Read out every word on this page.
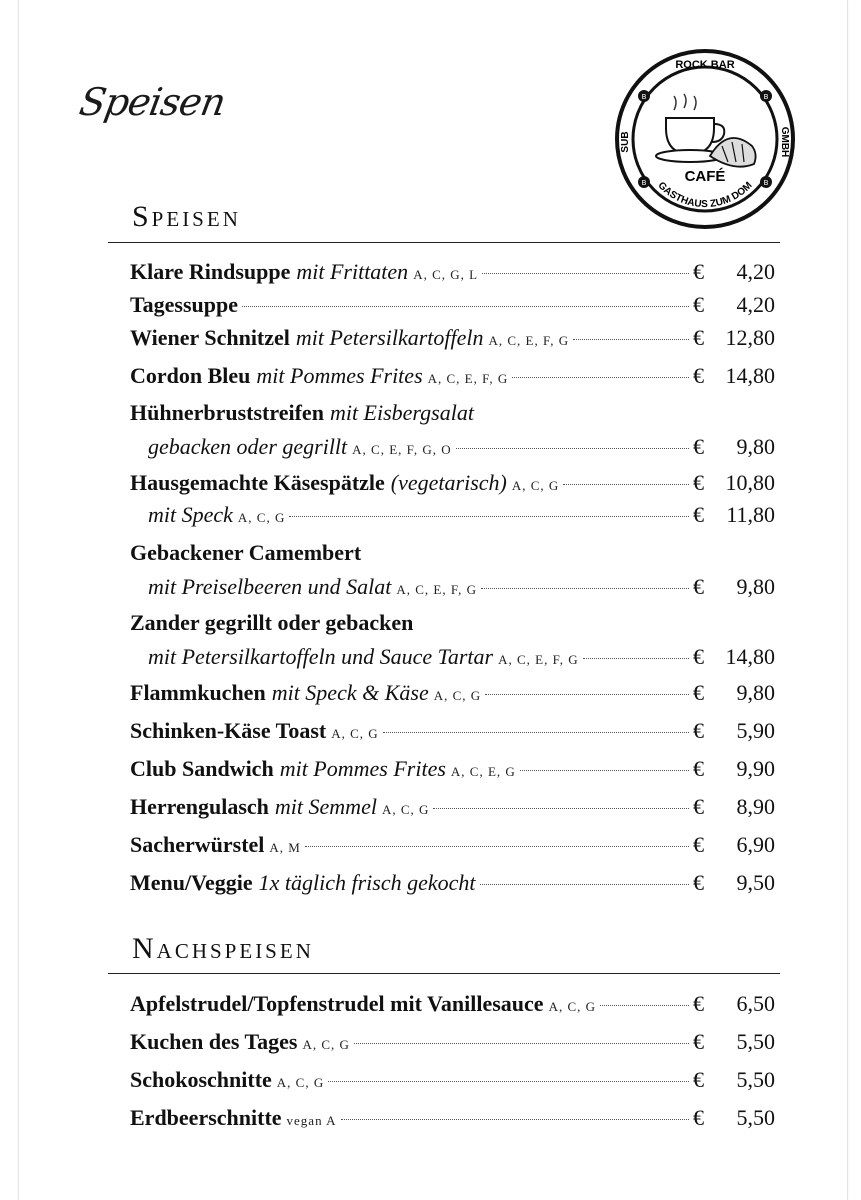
Speisen
ROCK BAR
SUB	GMBH
GASTHAUS ZUM DOM
B	B
B	B
CAFÉ
Speisen
Klare Rindsuppe mit Frittaten A, C, G, L	€ 4,20
Tagessuppe	€ 4,20
Wiener Schnitzel mit Petersilkartoffeln A, C, E, F, G	€ 12,80
Cordon Bleu mit Pommes Frites A, C, E, F, G	€ 14,80
Hühnerbruststreifen mit Eisbergsalat
gebacken oder gegrillt A, C, E, F, G, O	€ 9,80
Hausgemachte Käsespätzle (vegetarisch) A, C, G	€ 10,80
mit Speck A, C, G	€ 11,80
Gebackener Camembert
mit Preiselbeeren und Salat A, C, E, F, G	€ 9,80
Zander gegrillt oder gebacken
mit Petersilkartoffeln und Sauce Tartar A, C, E, F, G	€ 14,80
Flammkuchen mit Speck & Käse A, C, G	€ 9,80
Schinken-Käse Toast A, C, G	€ 5,90
Club Sandwich mit Pommes Frites A, C, E, G	€ 9,90
Herrengulasch mit Semmel A, C, G	€ 8,90
Sacherwürstel A, M	€ 6,90
Menu/Veggie 1x täglich frisch gekocht	€ 9,50
Nachspeisen
Apfelstrudel/Topfenstrudel mit Vanillesauce A, C, G	€ 6,50
Kuchen des Tages A, C, G	€ 5,50
Schokoschnitte A, C, G	€ 5,50
Erdbeerschnitte vegan A	€ 5,50
